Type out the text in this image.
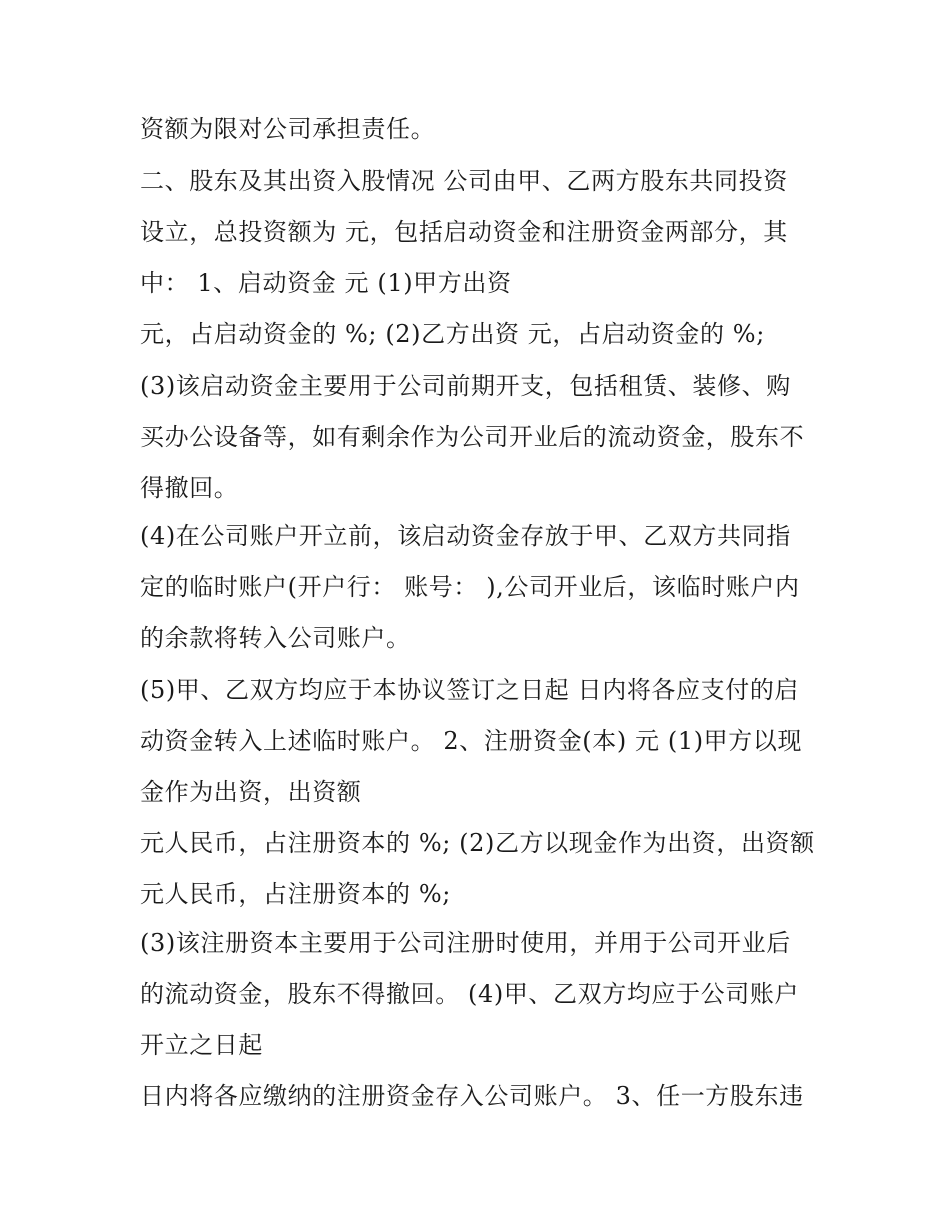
资额为限对公司承担责任。
二、股东及其出资入股情况 公司由甲、乙两方股东共同投资
设立，总投资额为 元，包括启动资金和注册资金两部分，其
中： 1、启动资金 元 (1)甲方出资
元，占启动资金的 %; (2)乙方出资 元，占启动资金的 %;
(3)该启动资金主要用于公司前期开支，包括租赁、装修、购
买办公设备等，如有剩余作为公司开业后的流动资金，股东不
得撤回。
(4)在公司账户开立前，该启动资金存放于甲、乙双方共同指
定的临时账户(开户行： 账号： ),公司开业后，该临时账户内
的余款将转入公司账户。
(5)甲、乙双方均应于本协议签订之日起 日内将各应支付的启
动资金转入上述临时账户。 2、注册资金(本) 元 (1)甲方以现
金作为出资，出资额
元人民币，占注册资本的 %; (2)乙方以现金作为出资，出资额
元人民币，占注册资本的 %;
(3)该注册资本主要用于公司注册时使用，并用于公司开业后
的流动资金，股东不得撤回。 (4)甲、乙双方均应于公司账户
开立之日起
日内将各应缴纳的注册资金存入公司账户。 3、任一方股东违
